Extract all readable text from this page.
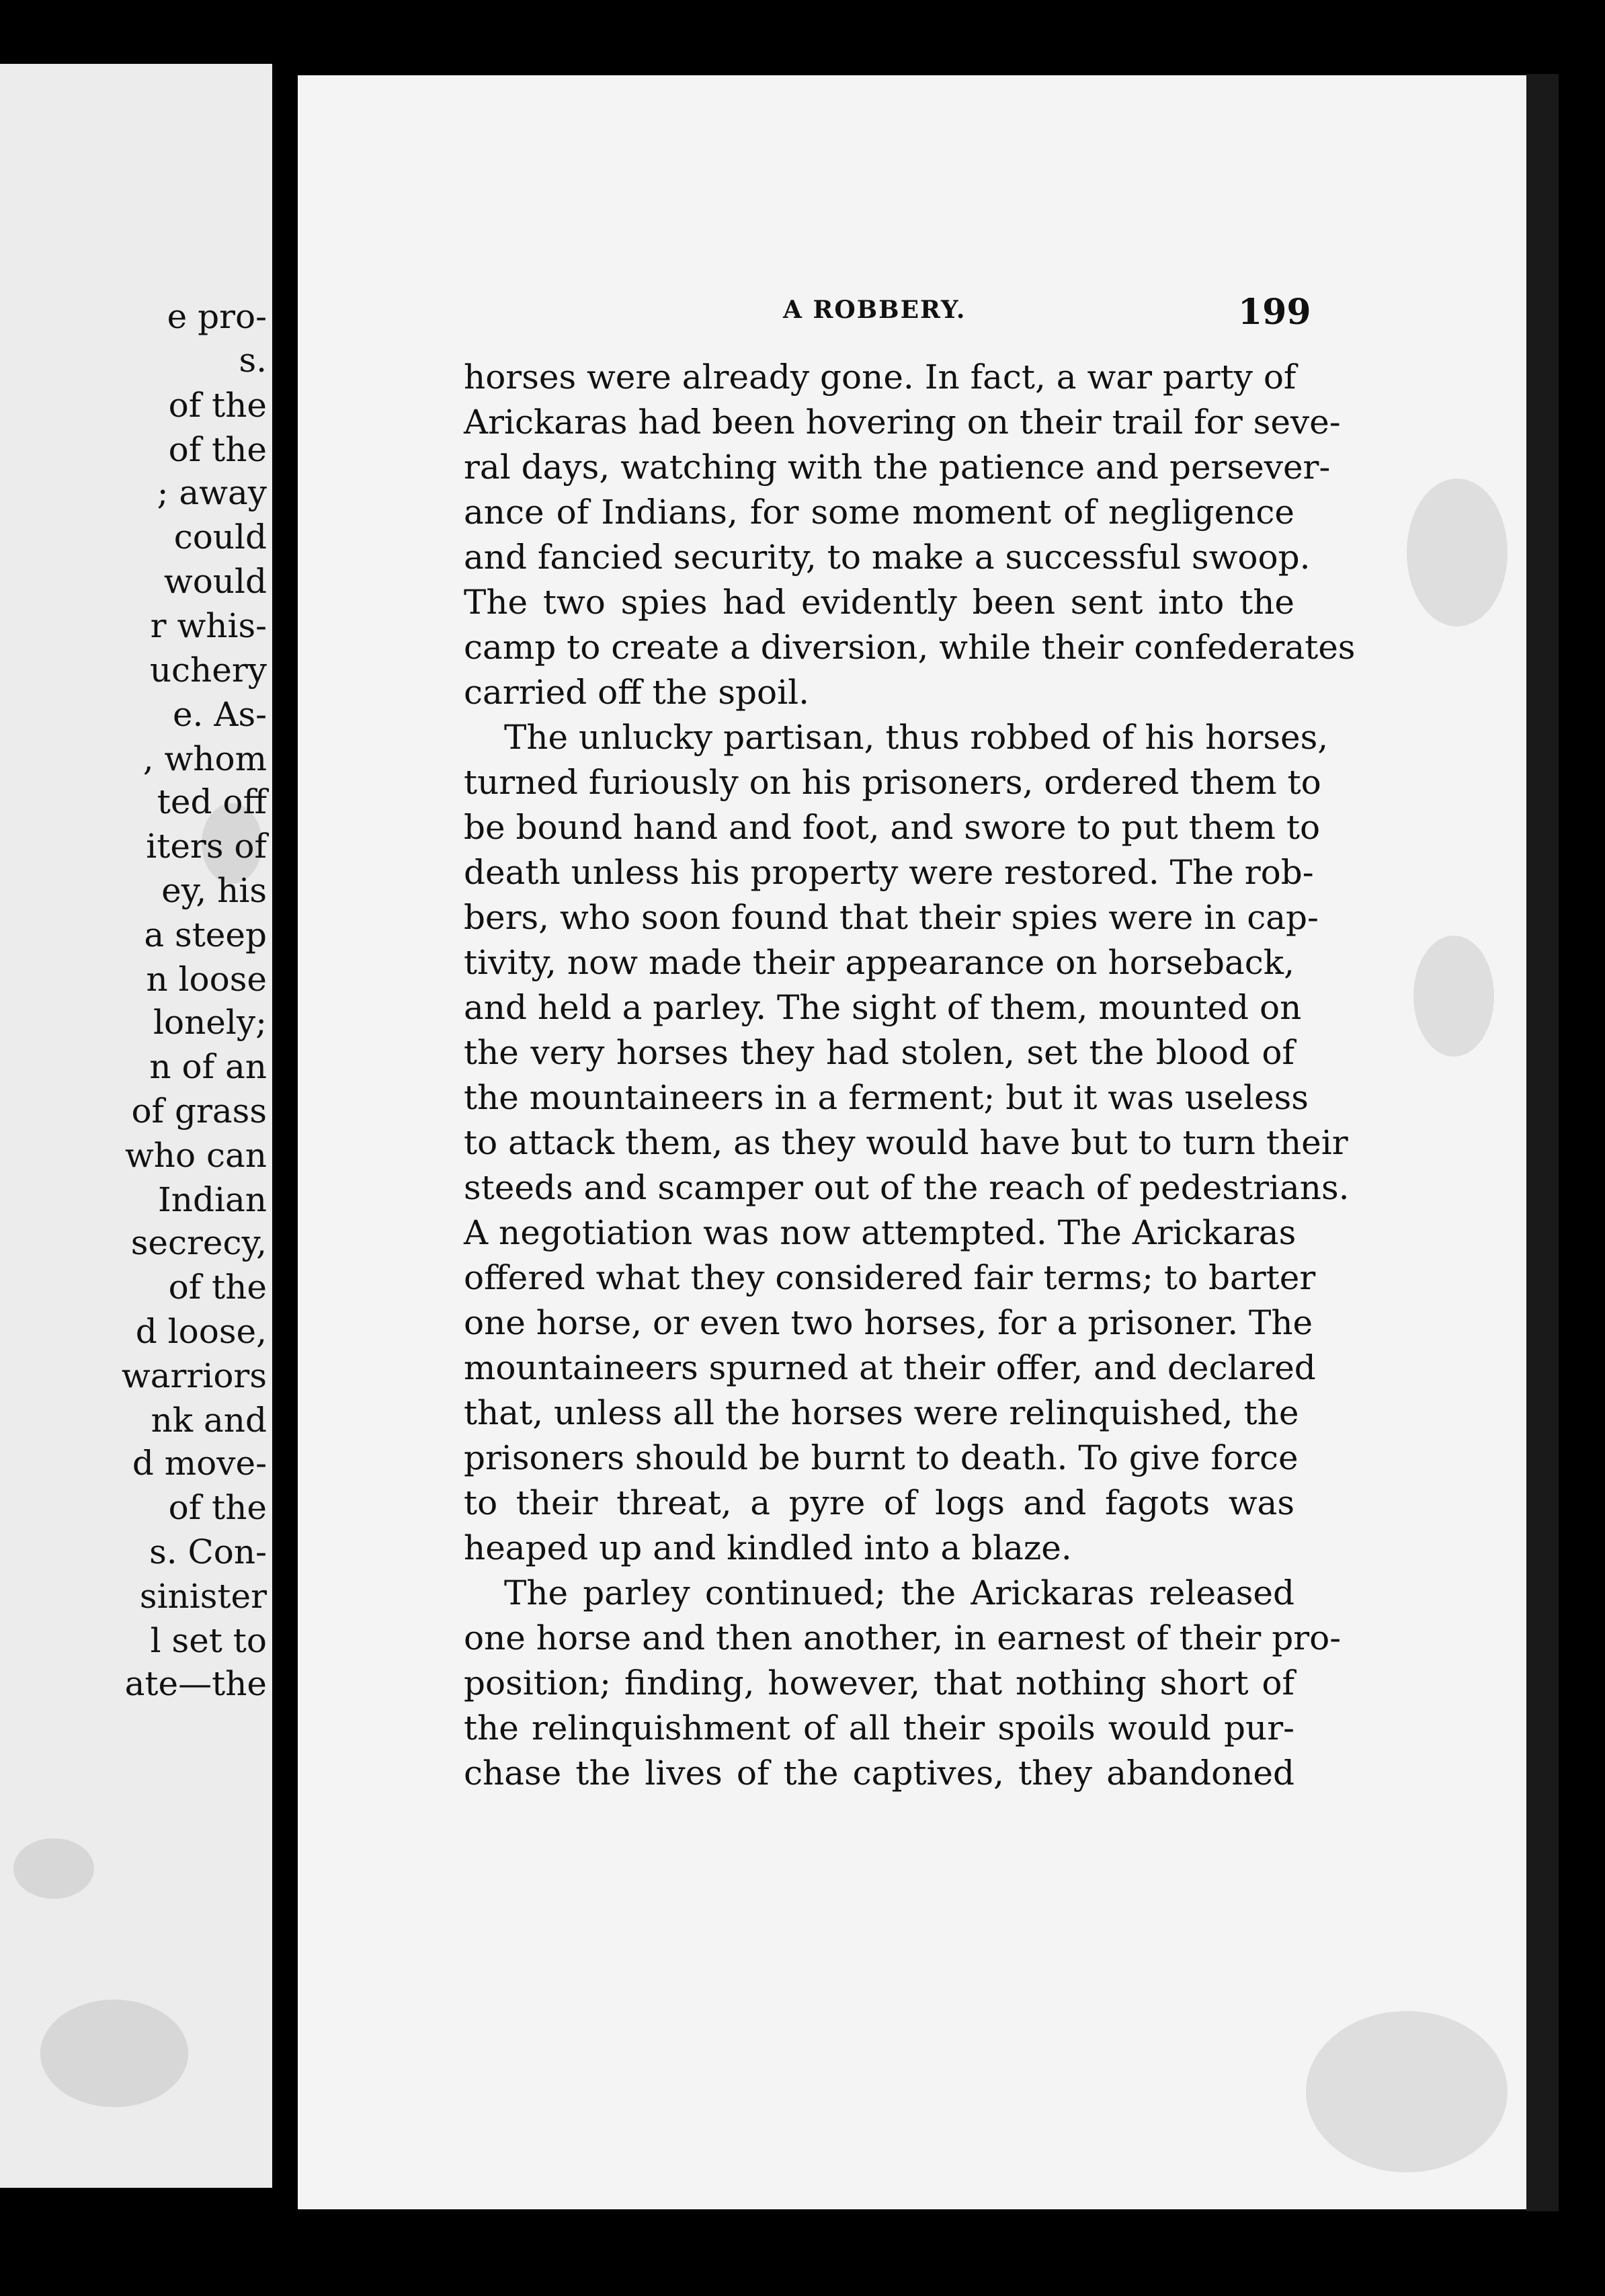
e pro-
s.
of the
of the
; away
could
would
r whis-
uchery
e. As-
, whom
ted off
iters of
ey, his
a steep
n loose
lonely;
n of an
of grass
who can
Indian
secrecy,
of the
d loose,
warriors
nk and
d move-
of the
s. Con-
sinister
l set to
ate—the
A ROBBERY.	199
horses were already gone. In fact, a war party of
Arickaras had been hovering on their trail for seve-
ral days, watching with the patience and persever-
ance of Indians, for some moment of negligence
and fancied security, to make a successful swoop.
The two spies had evidently been sent into the
camp to create a diversion, while their confederates
carried off the spoil.
The unlucky partisan, thus robbed of his horses,
turned furiously on his prisoners, ordered them to
be bound hand and foot, and swore to put them to
death unless his property were restored. The rob-
bers, who soon found that their spies were in cap-
tivity, now made their appearance on horseback,
and held a parley. The sight of them, mounted on
the very horses they had stolen, set the blood of
the mountaineers in a ferment; but it was useless
to attack them, as they would have but to turn their
steeds and scamper out of the reach of pedestrians.
A negotiation was now attempted. The Arickaras
offered what they considered fair terms; to barter
one horse, or even two horses, for a prisoner. The
mountaineers spurned at their offer, and declared
that, unless all the horses were relinquished, the
prisoners should be burnt to death. To give force
to their threat, a pyre of logs and fagots was
heaped up and kindled into a blaze.
The parley continued; the Arickaras released
one horse and then another, in earnest of their pro-
position; finding, however, that nothing short of
the relinquishment of all their spoils would pur-
chase the lives of the captives, they abandoned
